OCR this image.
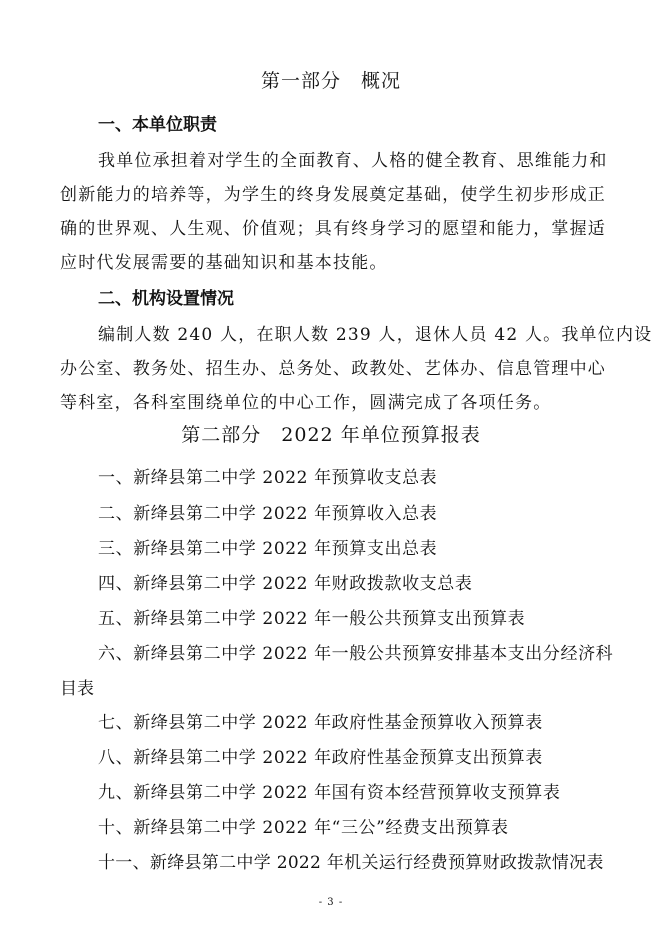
第一部分　概况
一、本单位职责
我单位承担着对学生的全面教育、人格的健全教育、思维能力和
创新能力的培养等，为学生的终身发展奠定基础，使学生初步形成正
确的世界观、人生观、价值观；具有终身学习的愿望和能力，掌握适
应时代发展需要的基础知识和基本技能。
二、机构设置情况
编制人数 240 人，在职人数 239 人，退休人员 42 人。我单位内设
办公室、教务处、招生办、总务处、政教处、艺体办、信息管理中心
等科室，各科室围绕单位的中心工作，圆满完成了各项任务。
第二部分　2022 年单位预算报表
一、新绛县第二中学 2022 年预算收支总表
二、新绛县第二中学 2022 年预算收入总表
三、新绛县第二中学 2022 年预算支出总表
四、新绛县第二中学 2022 年财政拨款收支总表
五、新绛县第二中学 2022 年一般公共预算支出预算表
六、新绛县第二中学 2022 年一般公共预算安排基本支出分经济科
目表
七、新绛县第二中学 2022 年政府性基金预算收入预算表
八、新绛县第二中学 2022 年政府性基金预算支出预算表
九、新绛县第二中学 2022 年国有资本经营预算收支预算表
十、新绛县第二中学 2022 年“三公”经费支出预算表
十一、新绛县第二中学 2022 年机关运行经费预算财政拨款情况表
- 3 -
